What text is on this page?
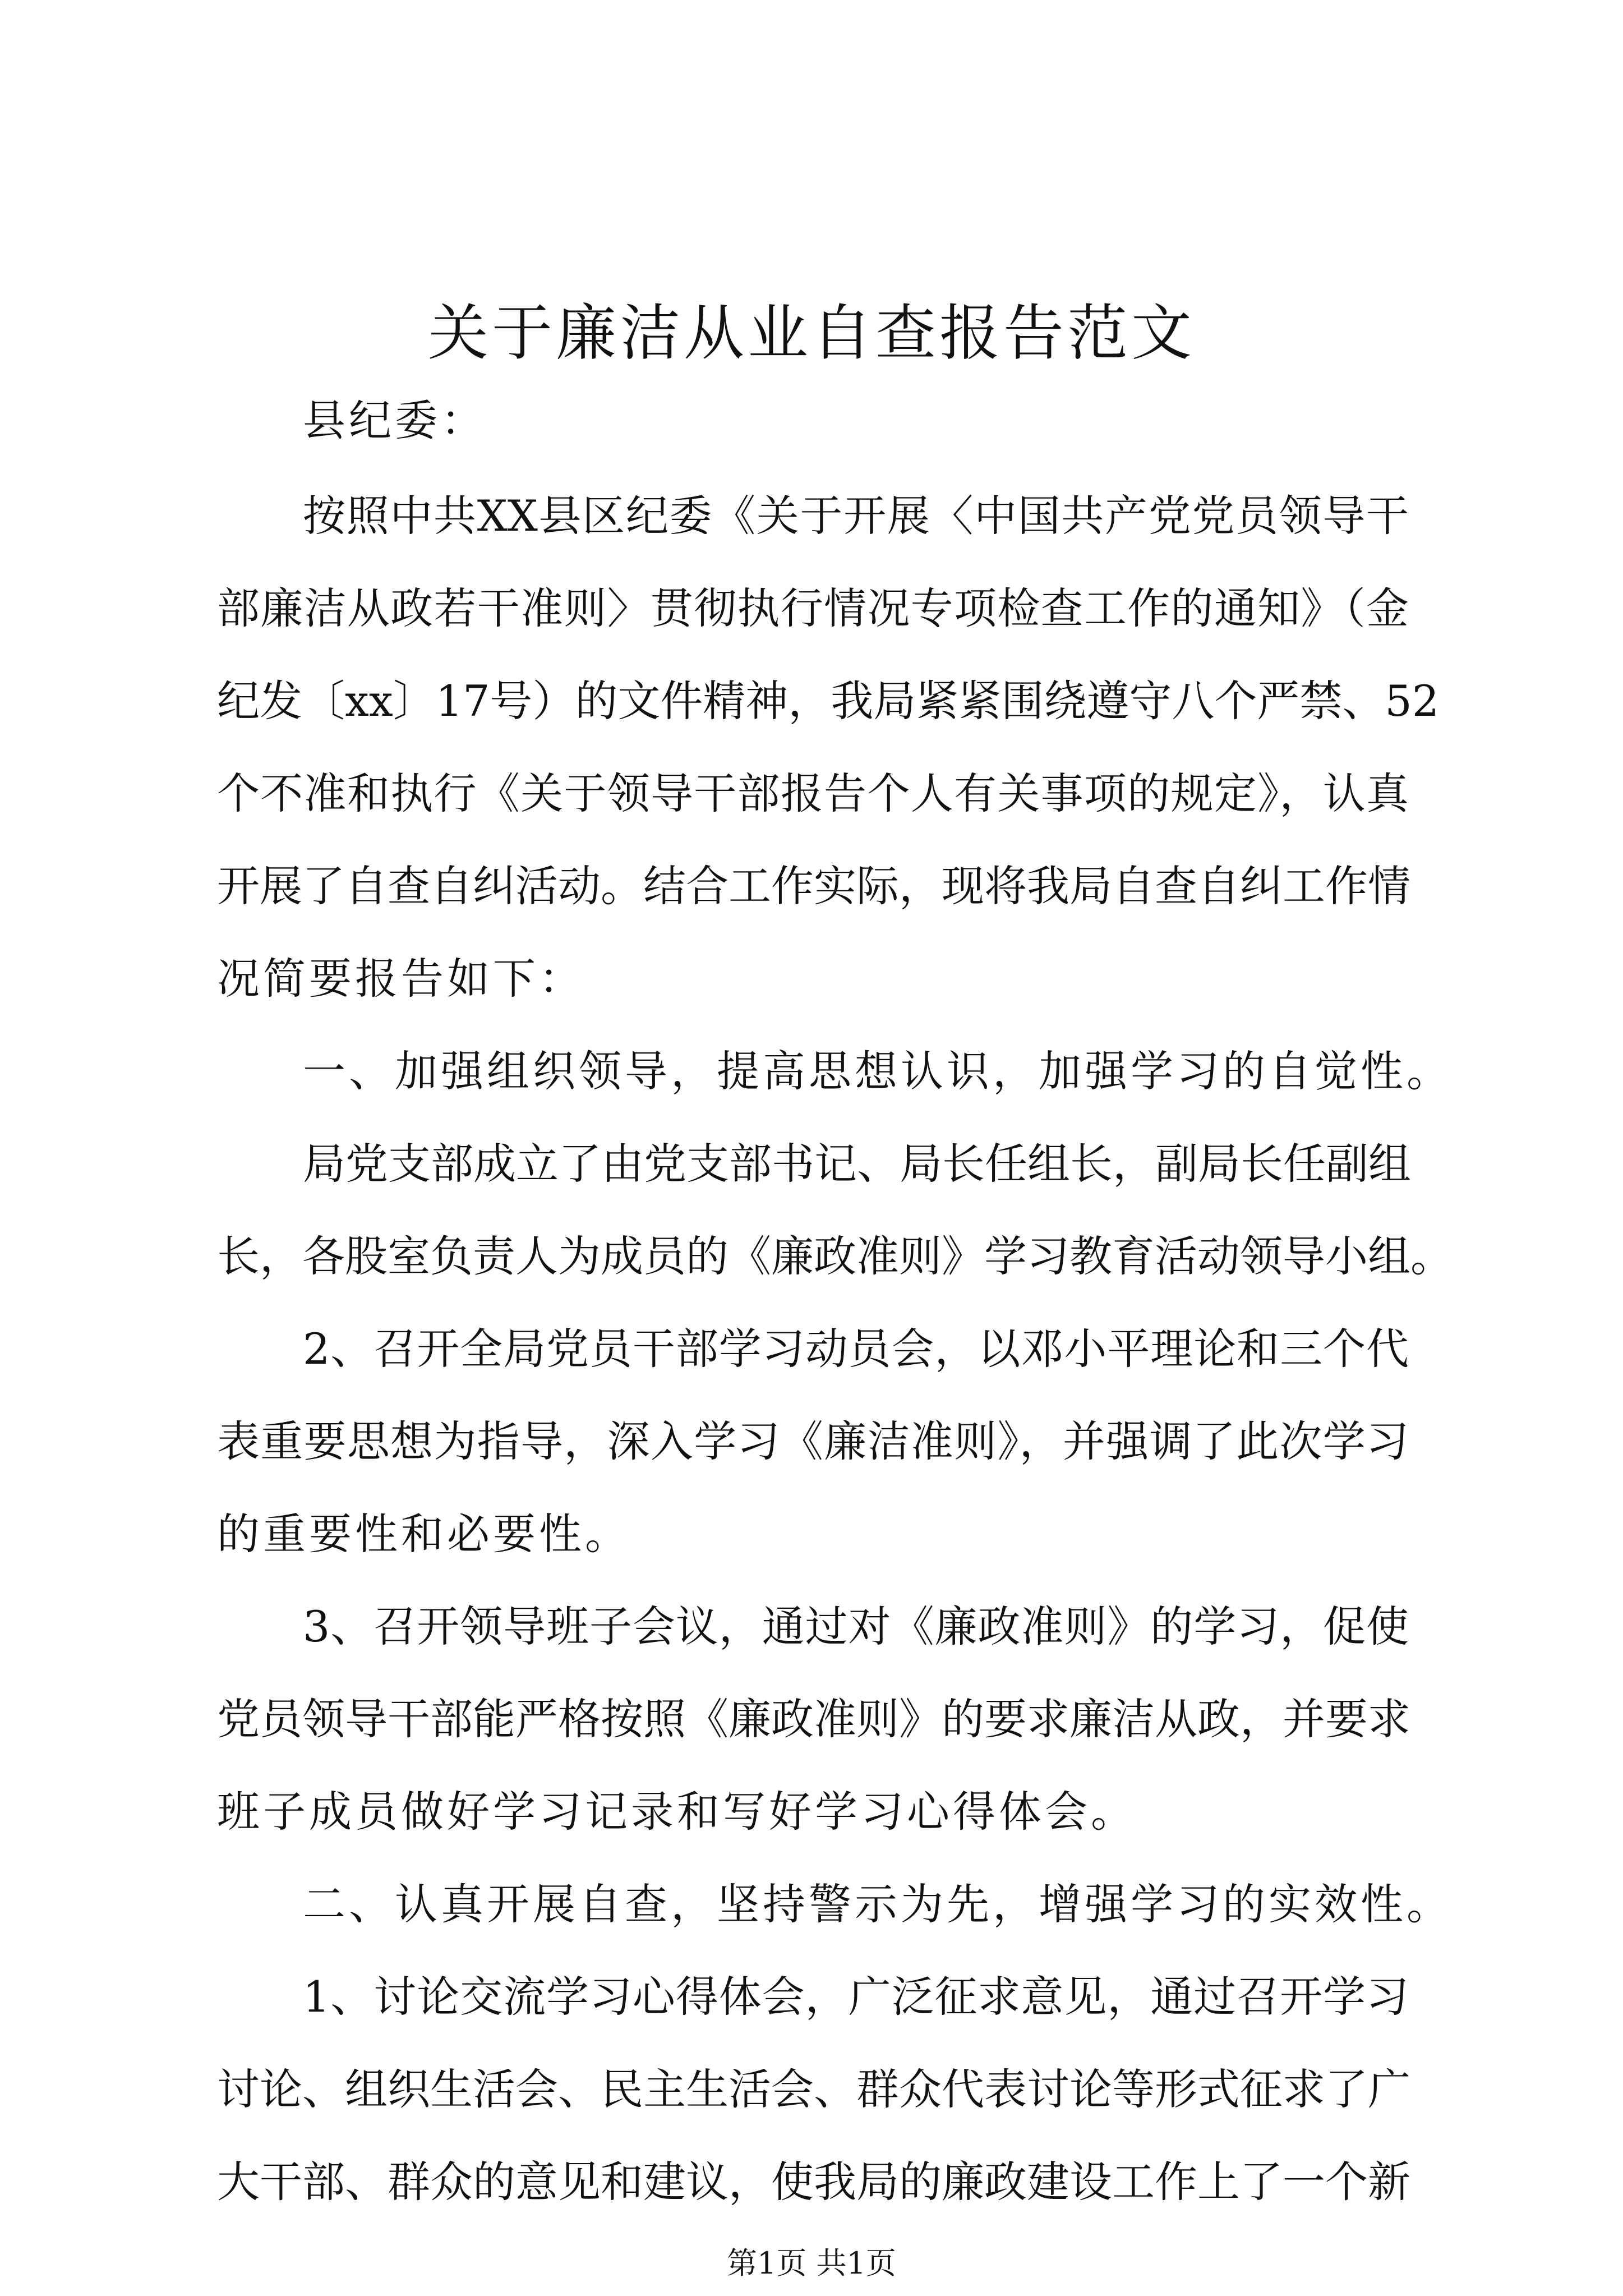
关于廉洁从业自查报告范文
县纪委：
按照中共XX县区纪委《关于开展〈中国共产党党员领导干
部廉洁从政若干准则〉贯彻执行情况专项检查工作的通知》（金
纪发〔xx〕17号）的文件精神，我局紧紧围绕遵守八个严禁、52
个不准和执行《关于领导干部报告个人有关事项的规定》，认真
开展了自查自纠活动。结合工作实际，现将我局自查自纠工作情
况简要报告如下：
一、加强组织领导，提高思想认识，加强学习的自觉性。
局党支部成立了由党支部书记、局长任组长，副局长任副组
长，各股室负责人为成员的《廉政准则》学习教育活动领导小组。
2、召开全局党员干部学习动员会，以邓小平理论和三个代
表重要思想为指导，深入学习《廉洁准则》，并强调了此次学习
的重要性和必要性。
3、召开领导班子会议，通过对《廉政准则》的学习，促使
党员领导干部能严格按照《廉政准则》的要求廉洁从政，并要求
班子成员做好学习记录和写好学习心得体会。
二、认真开展自查，坚持警示为先，增强学习的实效性。
1、讨论交流学习心得体会，广泛征求意见，通过召开学习
讨论、组织生活会、民主生活会、群众代表讨论等形式征求了广
大干部、群众的意见和建议，使我局的廉政建设工作上了一个新
第1页 共1页
